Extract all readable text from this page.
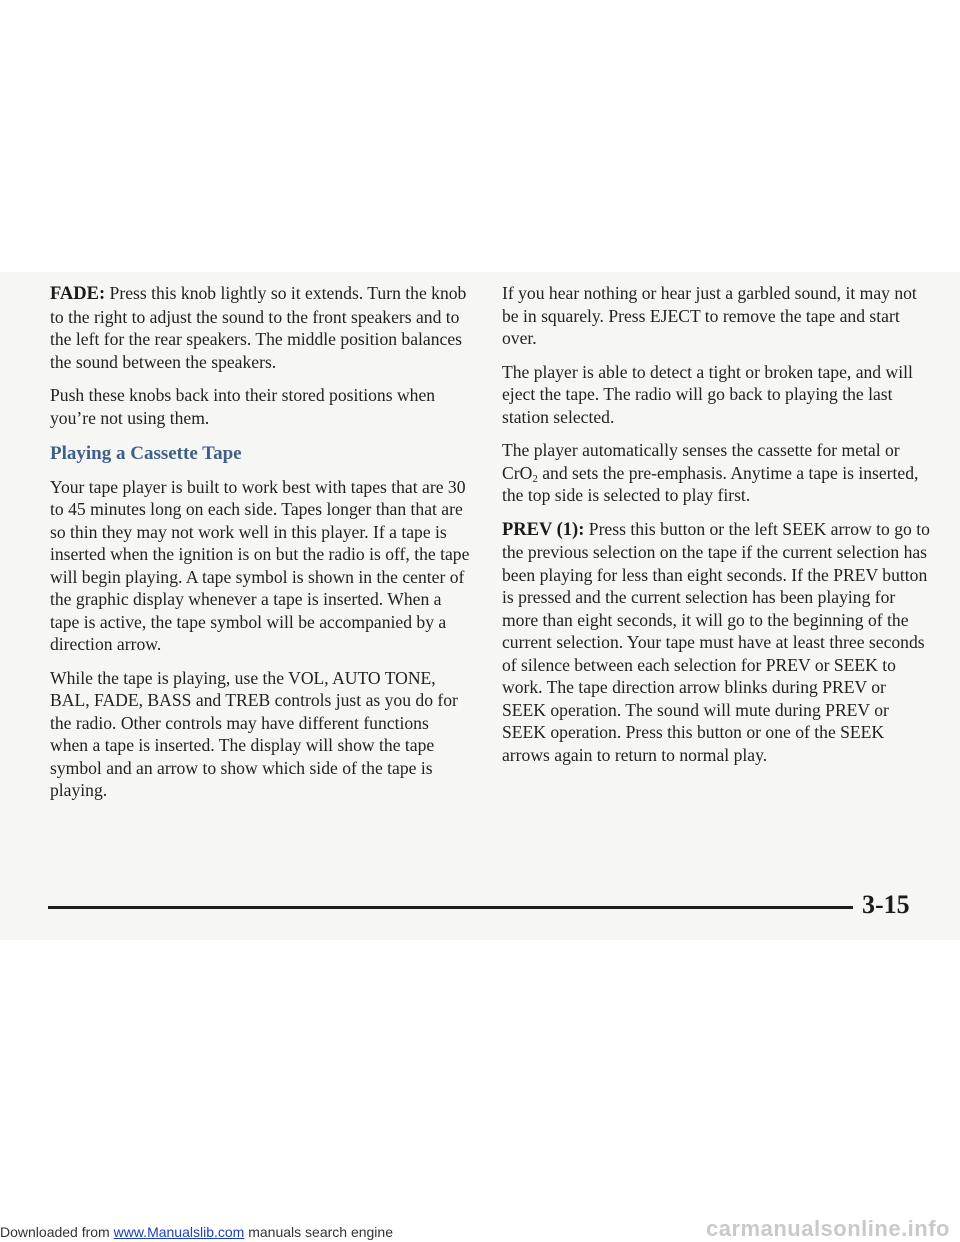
FADE: Press this knob lightly so it extends. Turn the knob to the right to adjust the sound to the front speakers and to the left for the rear speakers. The middle position balances the sound between the speakers.

Push these knobs back into their stored positions when you’re not using them.

Playing a Cassette Tape

Your tape player is built to work best with tapes that are 30 to 45 minutes long on each side. Tapes longer than that are so thin they may not work well in this player. If a tape is inserted when the ignition is on but the radio is off, the tape will begin playing. A tape symbol is shown in the center of the graphic display whenever a tape is inserted. When a tape is active, the tape symbol will be accompanied by a direction arrow.

While the tape is playing, use the VOL, AUTO TONE, BAL, FADE, BASS and TREB controls just as you do for the radio. Other controls may have different functions when a tape is inserted. The display will show the tape symbol and an arrow to show which side of the tape is playing.

If you hear nothing or hear just a garbled sound, it may not be in squarely. Press EJECT to remove the tape and start over.

The player is able to detect a tight or broken tape, and will eject the tape. The radio will go back to playing the last station selected.

The player automatically senses the cassette for metal or CrO$_2$ and sets the pre-emphasis. Anytime a tape is inserted, the top side is selected to play first.

PREV (1): Press this button or the left SEEK arrow to go to the previous selection on the tape if the current selection has been playing for less than eight seconds. If the PREV button is pressed and the current selection has been playing for more than eight seconds, it will go to the beginning of the current selection. Your tape must have at least three seconds of silence between each selection for PREV or SEEK to work. The tape direction arrow blinks during PREV or SEEK operation. The sound will mute during PREV or SEEK operation. Press this button or one of the SEEK arrows again to return to normal play.

3-15
Downloaded from www.Manualslib.com manuals search engine	carmanualsonline.info
